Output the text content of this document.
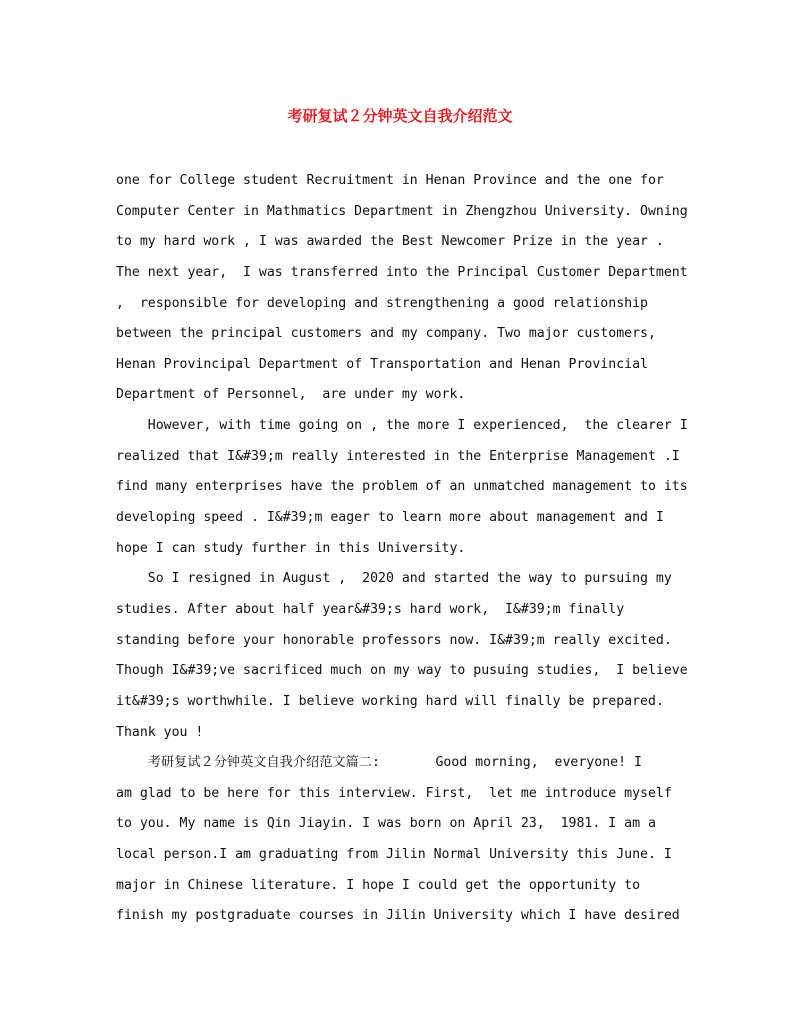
考研复试２分钟英文自我介绍范文
one for College student Recruitment in Henan Province and the one for
Computer Center in Mathmatics Department in Zhengzhou University. Owning
to my hard work , I was awarded the Best Newcomer Prize in the year .
The next year,  I was transferred into the Principal Customer Department
,  responsible for developing and strengthening a good relationship
between the principal customers and my company. Two major customers,
Henan Provincipal Department of Transportation and Henan Provincial
Department of Personnel,  are under my work.
However, with time going on , the more I experienced,  the clearer I
realized that I&#39;m really interested in the Enterprise Management .I
find many enterprises have the problem of an unmatched management to its
developing speed . I&#39;m eager to learn more about management and I
hope I can study further in this University.
So I resigned in August ,  2020 and started the way to pursuing my
studies. After about half year&#39;s hard work,  I&#39;m finally
standing before your honorable professors now. I&#39;m really excited.
Though I&#39;ve sacrificed much on my way to pusuing studies,  I believe
it&#39;s worthwhile. I believe working hard will finally be prepared.
Thank you !
考研复试２分钟英文自我介绍范文篇二:       Good morning,  everyone! I
am glad to be here for this interview. First,  let me introduce myself
to you. My name is Qin Jiayin. I was born on April 23,  1981. I am a
local person.I am graduating from Jilin Normal University this June. I
major in Chinese literature. I hope I could get the opportunity to
finish my postgraduate courses in Jilin University which I have desired
